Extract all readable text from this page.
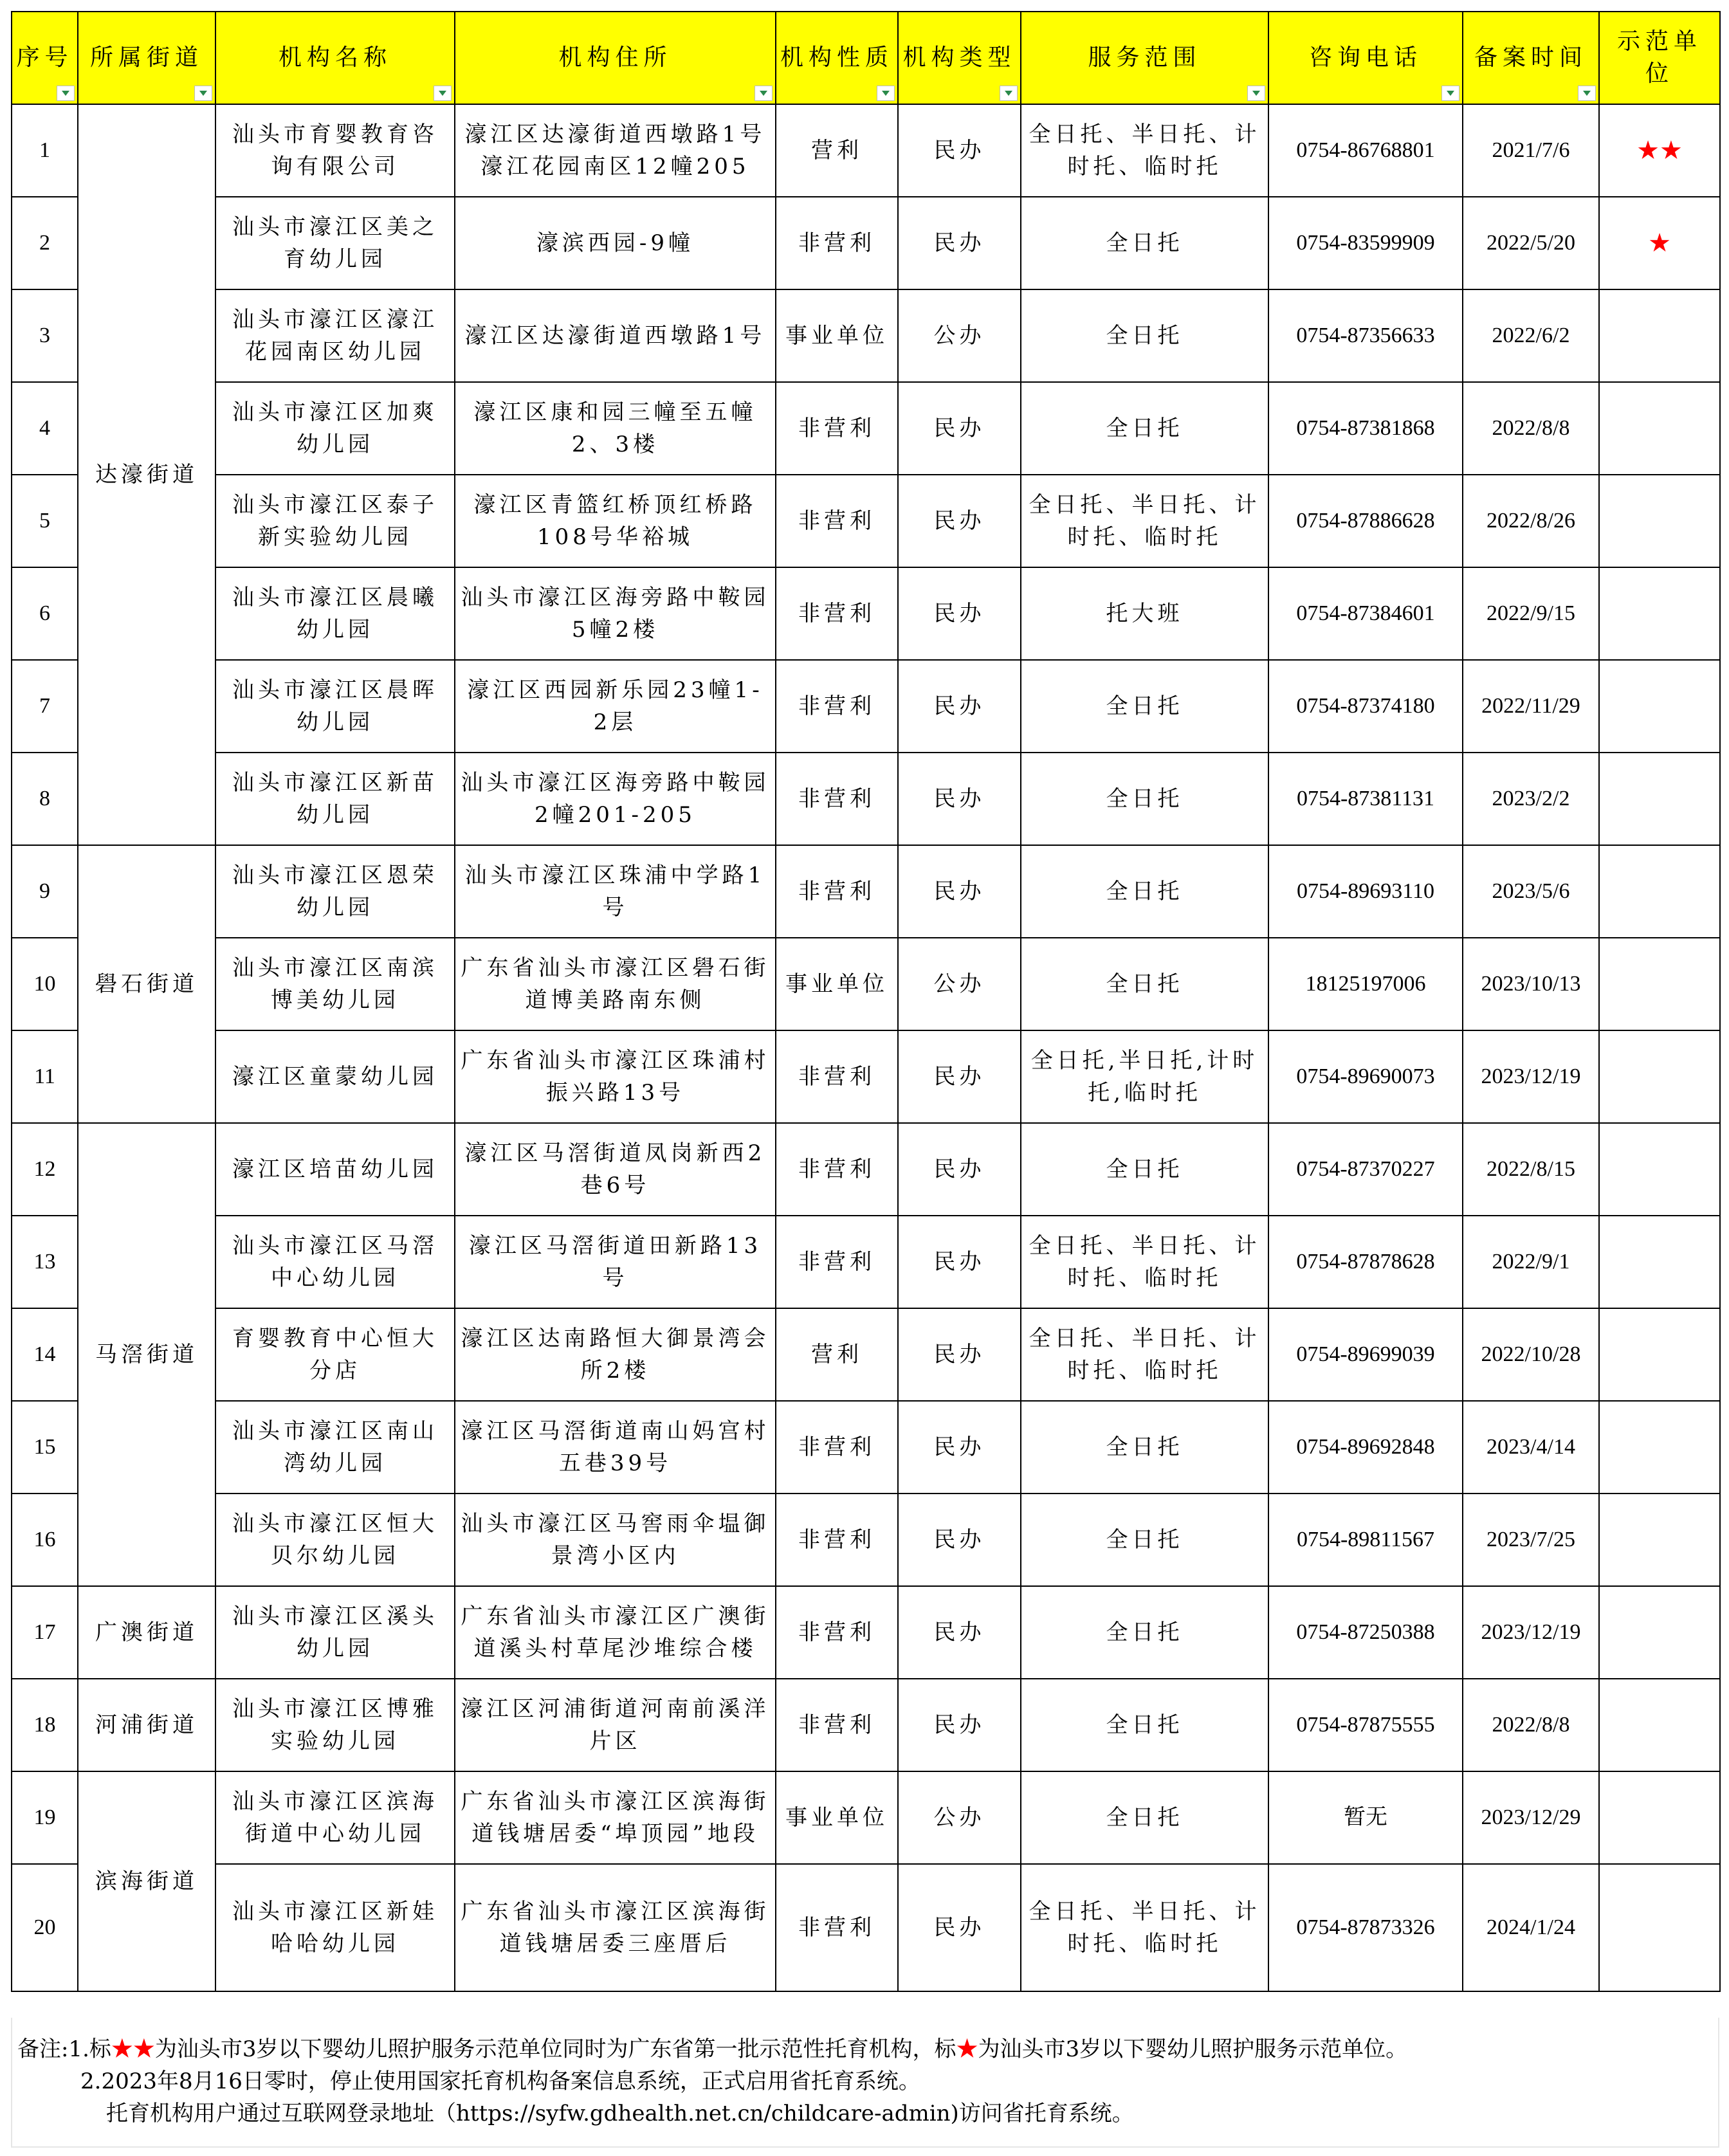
序号	所属街道	机构名称	机构住所	机构性质	机构类型	服务范围	咨询电话	备案时间	示范单位
1	达濠街道	汕头市育婴教育咨询有限公司	濠江区达濠街道西墩路1号濠江花园南区12幢205	营利	民办	全日托、半日托、计时托、临时托	0754-86768801	2021/7/6	★★
2		汕头市濠江区美之育幼儿园	濠滨西园-9幢	非营利	民办	全日托	0754-83599909	2022/5/20	★
3		汕头市濠江区濠江花园南区幼儿园	濠江区达濠街道西墩路1号	事业单位	公办	全日托	0754-87356633	2022/6/2	
4		汕头市濠江区加爽幼儿园	濠江区康和园三幢至五幢2、3楼	非营利	民办	全日托	0754-87381868	2022/8/8	
5		汕头市濠江区泰子新实验幼儿园	濠江区青篮红桥顶红桥路108号华裕城	非营利	民办	全日托、半日托、计时托、临时托	0754-87886628	2022/8/26	
6		汕头市濠江区晨曦幼儿园	汕头市濠江区海旁路中鞍园5幢2楼	非营利	民办	托大班	0754-87384601	2022/9/15	
7		汕头市濠江区晨晖幼儿园	濠江区西园新乐园23幢1-2层	非营利	民办	全日托	0754-87374180	2022/11/29	
8		汕头市濠江区新苗幼儿园	汕头市濠江区海旁路中鞍园2幢201-205	非营利	民办	全日托	0754-87381131	2023/2/2	
9	礐石街道	汕头市濠江区恩荣幼儿园	汕头市濠江区珠浦中学路1号	非营利	民办	全日托	0754-89693110	2023/5/6	
10		汕头市濠江区南滨博美幼儿园	广东省汕头市濠江区礐石街道博美路南东侧	事业单位	公办	全日托	18125197006	2023/10/13	
11		濠江区童蒙幼儿园	广东省汕头市濠江区珠浦村振兴路13号	非营利	民办	全日托,半日托,计时托,临时托	0754-89690073	2023/12/19	
12	马滘街道	濠江区培苗幼儿园	濠江区马滘街道凤岗新西2巷6号	非营利	民办	全日托	0754-87370227	2022/8/15	
13		汕头市濠江区马滘中心幼儿园	濠江区马滘街道田新路13号	非营利	民办	全日托、半日托、计时托、临时托	0754-87878628	2022/9/1	
14		育婴教育中心恒大分店	濠江区达南路恒大御景湾会所2楼	营利	民办	全日托、半日托、计时托、临时托	0754-89699039	2022/10/28	
15		汕头市濠江区南山湾幼儿园	濠江区马滘街道南山妈宫村五巷39号	非营利	民办	全日托	0754-89692848	2023/4/14	
16		汕头市濠江区恒大贝尔幼儿园	汕头市濠江区马窖雨伞塭御景湾小区内	非营利	民办	全日托	0754-89811567	2023/7/25	
17	广澳街道	汕头市濠江区溪头幼儿园	广东省汕头市濠江区广澳街道溪头村草尾沙堆综合楼	非营利	民办	全日托	0754-87250388	2023/12/19	
18	河浦街道	汕头市濠江区博雅实验幼儿园	濠江区河浦街道河南前溪洋片区	非营利	民办	全日托	0754-87875555	2022/8/8	
19	滨海街道	汕头市濠江区滨海街道中心幼儿园	广东省汕头市濠江区滨海街道钱塘居委“埠顶园”地段	事业单位	公办	全日托	暂无	2023/12/29	
20		汕头市濠江区新娃哈哈幼儿园	广东省汕头市濠江区滨海街道钱塘居委三座厝后	非营利	民办	全日托、半日托、计时托、临时托	0754-87873326	2024/1/24	
备注:1.标★★为汕头市3岁以下婴幼儿照护服务示范单位同时为广东省第一批示范性托育机构，标★为汕头市3岁以下婴幼儿照护服务示范单位。
2.2023年8月16日零时，停止使用国家托育机构备案信息系统，正式启用省托育系统。
托育机构用户通过互联网登录地址（https://syfw.gdhealth.net.cn/childcare-admin)访问省托育系统。
